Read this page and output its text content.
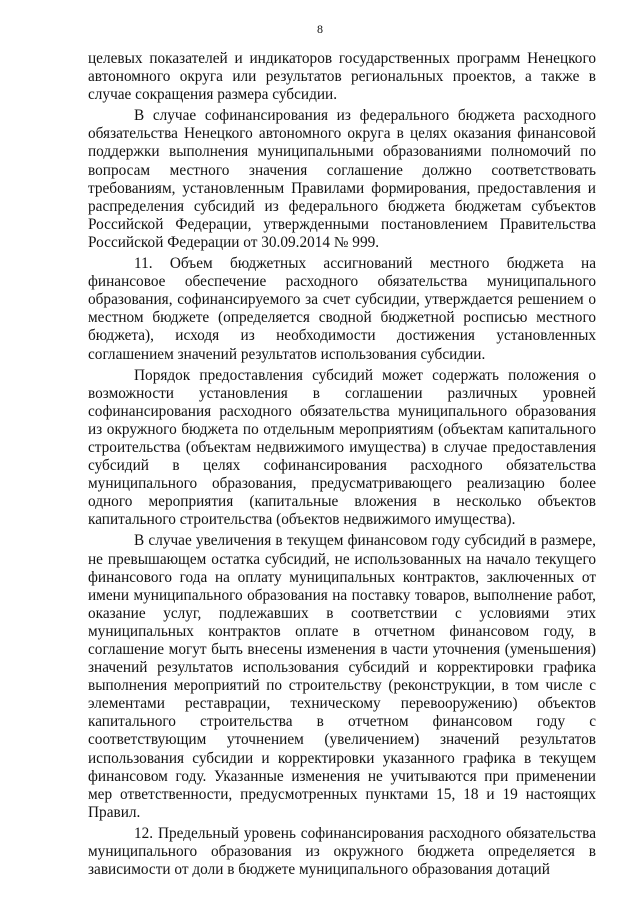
8

целевых показателей и индикаторов государственных программ Ненецкого автономного округа или результатов региональных проектов, а также в случае сокращения размера субсидии.

В случае софинансирования из федерального бюджета расходного обязательства Ненецкого автономного округа в целях оказания финансовой поддержки выполнения муниципальными образованиями полномочий по вопросам местного значения соглашение должно соответствовать требованиям, установленным Правилами формирования, предоставления и распределения субсидий из федерального бюджета бюджетам субъектов Российской Федерации, утвержденными постановлением Правительства Российской Федерации от 30.09.2014 № 999.

11. Объем бюджетных ассигнований местного бюджета на финансовое обеспечение расходного обязательства муниципального образования, софинансируемого за счет субсидии, утверждается решением о местном бюджете (определяется сводной бюджетной росписью местного бюджета), исходя из необходимости достижения установленных соглашением значений результатов использования субсидии.

Порядок предоставления субсидий может содержать положения о возможности установления в соглашении различных уровней софинансирования расходного обязательства муниципального образования из окружного бюджета по отдельным мероприятиям (объектам капитального строительства (объектам недвижимого имущества) в случае предоставления субсидий в целях софинансирования расходного обязательства муниципального образования, предусматривающего реализацию более одного мероприятия (капитальные вложения в несколько объектов капитального строительства (объектов недвижимого имущества).

В случае увеличения в текущем финансовом году субсидий в размере, не превышающем остатка субсидий, не использованных на начало текущего финансового года на оплату муниципальных контрактов, заключенных от имени муниципального образования на поставку товаров, выполнение работ, оказание услуг, подлежавших в соответствии с условиями этих муниципальных контрактов оплате в отчетном финансовом году, в соглашение могут быть внесены изменения в части уточнения (уменьшения) значений результатов использования субсидий и корректировки графика выполнения мероприятий по строительству (реконструкции, в том числе с элементами реставрации, техническому перевооружению) объектов капитального строительства в отчетном финансовом году с соответствующим уточнением (увеличением) значений результатов использования субсидии и корректировки указанного графика в текущем финансовом году. Указанные изменения не учитываются при применении мер ответственности, предусмотренных пунктами 15, 18 и 19 настоящих Правил.

12. Предельный уровень софинансирования расходного обязательства муниципального образования из окружного бюджета определяется в зависимости от доли в бюджете муниципального образования дотаций
